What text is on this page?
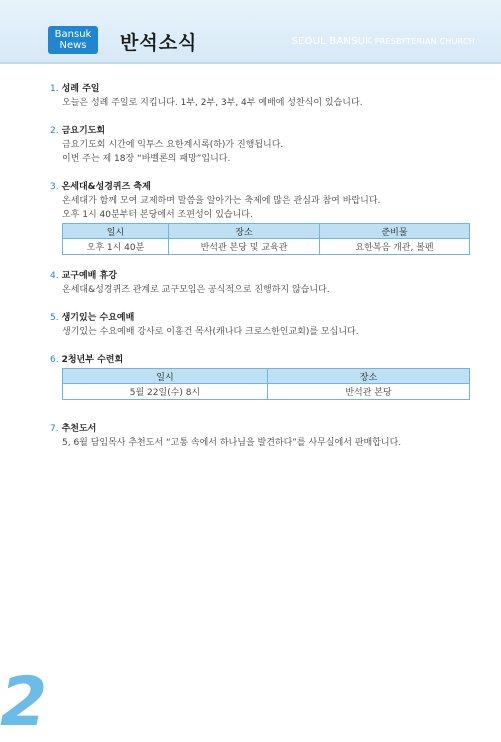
Bansuk
News	반석소식	SEOUL BANSUK PRESBYTERIAN CHURCH
1. 성례 주일
오늘은 성례 주일로 지킵니다. 1부, 2부, 3부, 4부 예배에 성찬식이 있습니다.
2. 금요기도회
금요기도회 시간에 익투스 요한계시록(하)가 진행됩니다.
이번 주는 제 18장 “바벨론의 패망”입니다.
3. 온세대&성경퀴즈 축제
온세대가 함께 모여 교제하며 말씀을 알아가는 축제에 많은 관심과 참여 바랍니다.
오후 1시 40분부터 본당에서 조편성이 있습니다.
일시	장소	준비물
오후 1시 40분	반석관 본당 및 교육관	요한복음 개관, 볼펜
4. 교구예배 휴강
온세대&성경퀴즈 관계로 교구모임은 공식적으로 진행하지 않습니다.
5. 생기있는 수요예배
생기있는 수요예배 강사로 이홍건 목사(캐나다 크로스한인교회)를 모십니다.
6. 2청년부 수련회
일시	장소
5월 22일(수) 8시	반석관 본당
7. 추천도서
5, 6월 담임목사 추천도서 “고통 속에서 하나님을 발견하다”를 사무실에서 판매합니다.
2
